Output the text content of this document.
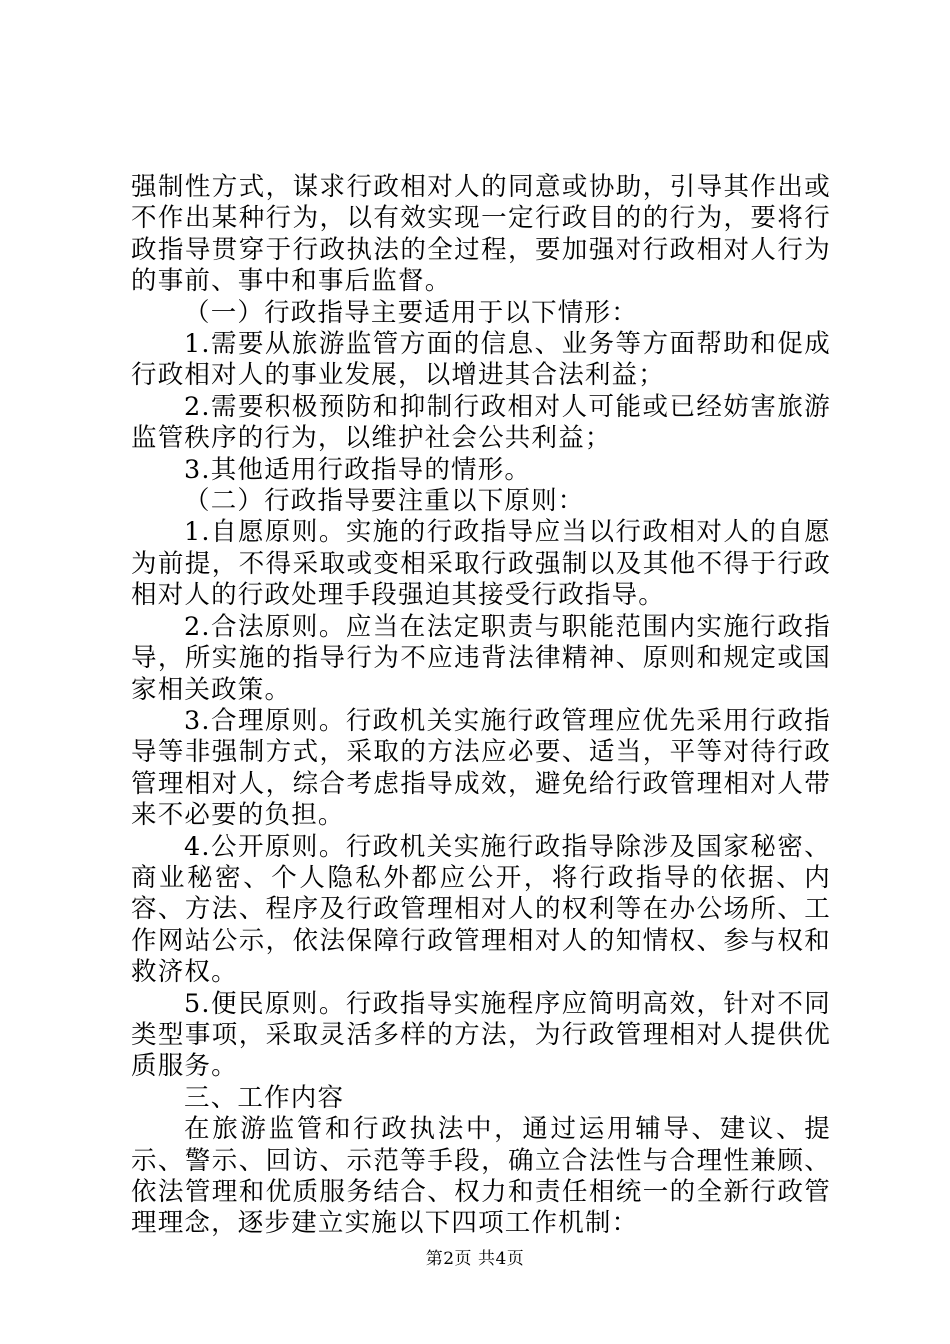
强制性方式，谋求行政相对人的同意或协助，引导其作出或不作出某种行为，以有效实现一定行政目的的行为，要将行政指导贯穿于行政执法的全过程，要加强对行政相对人行为的事前、事中和事后监督。

（一）行政指导主要适用于以下情形：

1.需要从旅游监管方面的信息、业务等方面帮助和促成行政相对人的事业发展，以增进其合法利益；

2.需要积极预防和抑制行政相对人可能或已经妨害旅游监管秩序的行为，以维护社会公共利益；

3.其他适用行政指导的情形。

（二）行政指导要注重以下原则：

1.自愿原则。实施的行政指导应当以行政相对人的自愿为前提，不得采取或变相采取行政强制以及其他不得于行政相对人的行政处理手段强迫其接受行政指导。

2.合法原则。应当在法定职责与职能范围内实施行政指导，所实施的指导行为不应违背法律精神、原则和规定或国家相关政策。

3.合理原则。行政机关实施行政管理应优先采用行政指导等非强制方式，采取的方法应必要、适当，平等对待行政管理相对人，综合考虑指导成效，避免给行政管理相对人带来不必要的负担。

4.公开原则。行政机关实施行政指导除涉及国家秘密、商业秘密、个人隐私外都应公开，将行政指导的依据、内容、方法、程序及行政管理相对人的权利等在办公场所、工作网站公示，依法保障行政管理相对人的知情权、参与权和救济权。

5.便民原则。行政指导实施程序应简明高效，针对不同类型事项，采取灵活多样的方法，为行政管理相对人提供优质服务。

三、工作内容

在旅游监管和行政执法中，通过运用辅导、建议、提示、警示、回访、示范等手段，确立合法性与合理性兼顾、依法管理和优质服务结合、权力和责任相统一的全新行政管理理念，逐步建立实施以下四项工作机制：

第2页 共4页
